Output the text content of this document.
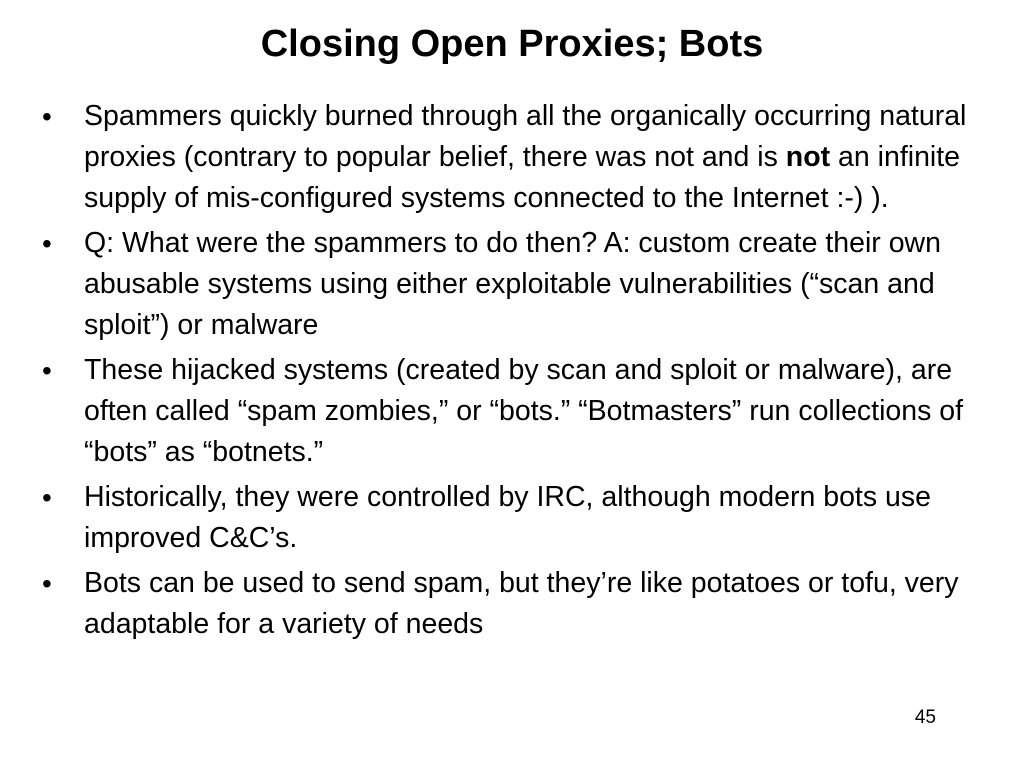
Closing Open Proxies; Bots
•	Spammers quickly burned through all the organically occurring natural proxies (contrary to popular belief, there was not and is not an infinite supply of mis-configured systems connected to the Internet :-) ).
•	Q: What were the spammers to do then? A: custom create their own abusable systems using either exploitable vulnerabilities (“scan and sploit”) or malware
•	These hijacked systems (created by scan and sploit or malware), are often called “spam zombies,” or “bots.” “Botmasters” run collections of “bots” as “botnets.”
•	Historically, they were controlled by IRC, although modern bots use improved C&C’s.
•	Bots can be used to send spam, but they’re like potatoes or tofu, very adaptable for a variety of needs
45
